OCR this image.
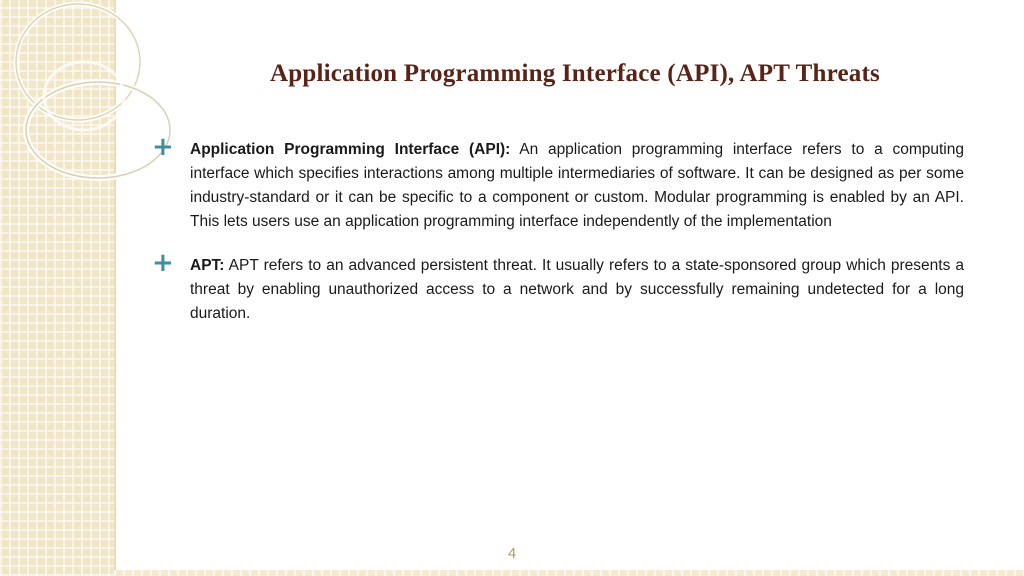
Application Programming Interface (API), APT Threats
+ Application Programming Interface (API): An application programming interface refers to a computing interface which specifies interactions among multiple intermediaries of software. It can be designed as per some industry-standard or it can be specific to a component or custom. Modular programming is enabled by an API. This lets users use an application programming interface independently of the implementation
+ APT: APT refers to an advanced persistent threat. It usually refers to a state-sponsored group which presents a threat by enabling unauthorized access to a network and by successfully remaining undetected for a long duration.
4
